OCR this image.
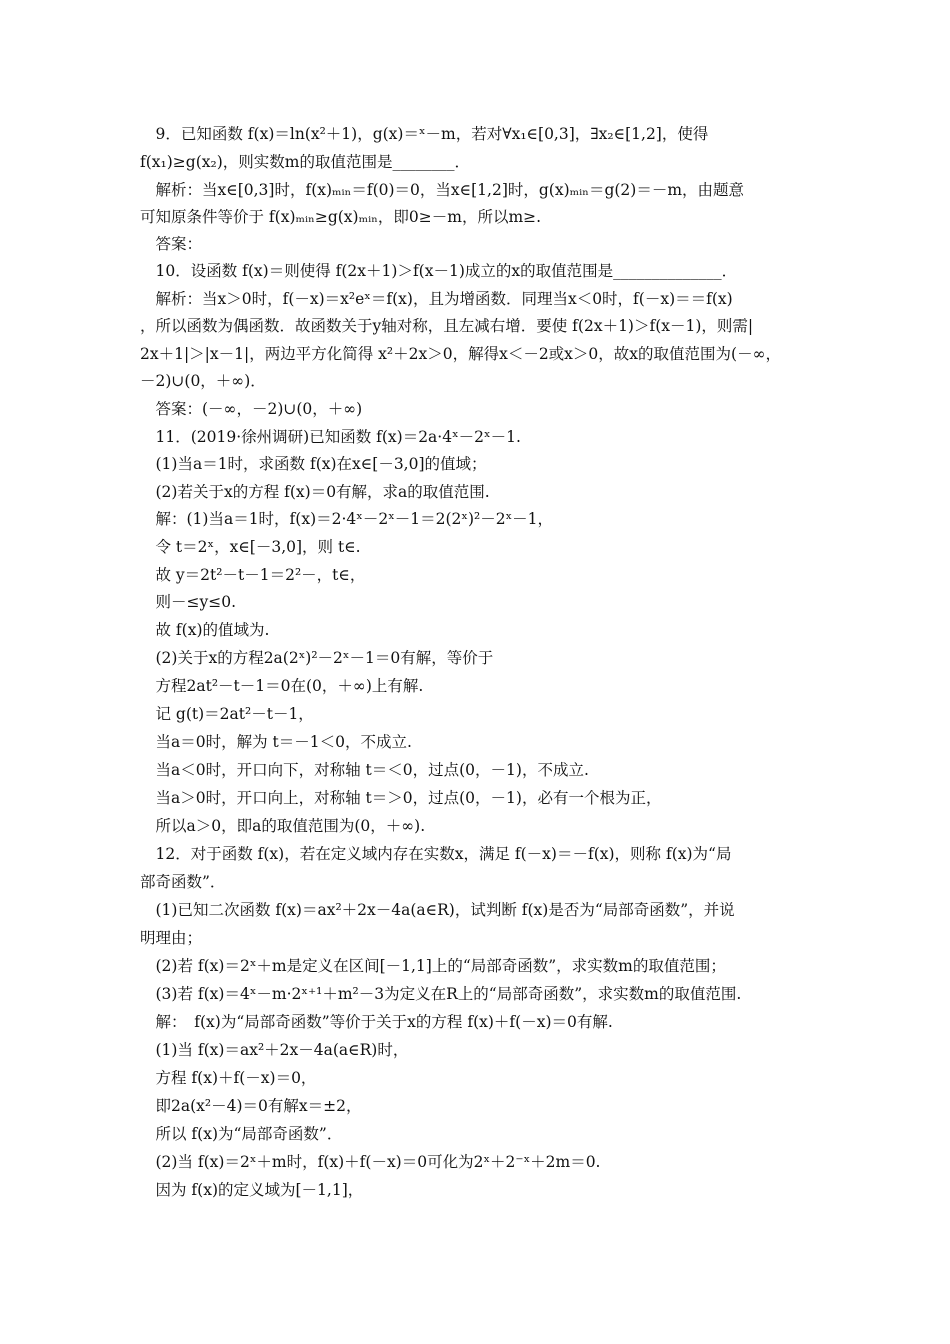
　9．已知函数 f(x)＝ln(x²＋1)，g(x)＝ˣ－m，若对∀x₁∈[0,3]，∃x₂∈[1,2]，使得
f(x₁)≥g(x₂)，则实数m的取值范围是________．
　解析：当x∈[0,3]时，f(x)ₘᵢₙ＝f(0)＝0，当x∈[1,2]时，g(x)ₘᵢₙ＝g(2)＝－m，由题意
可知原条件等价于 f(x)ₘᵢₙ≥g(x)ₘᵢₙ，即0≥－m，所以m≥.
　答案：
　10．设函数 f(x)＝则使得 f(2x＋1)＞f(x－1)成立的x的取值范围是______________．
　解析：当x＞0时，f(－x)＝x²eˣ＝f(x)，且为增函数．同理当x＜0时，f(－x)＝＝f(x)
，所以函数为偶函数．故函数关于y轴对称，且左减右增．要使 f(2x＋1)＞f(x－1)，则需|
2x＋1|＞|x－1|，两边平方化简得 x²＋2x＞0，解得x＜－2或x＞0，故x的取值范围为(－∞，
－2)∪(0，＋∞)．
　答案：(－∞，－2)∪(0，＋∞)
　11．(2019·徐州调研)已知函数 f(x)＝2a·4ˣ－2ˣ－1.
　(1)当a＝1时，求函数 f(x)在x∈[－3,0]的值域；
　(2)若关于x的方程 f(x)＝0有解，求a的取值范围.
　解：(1)当a＝1时，f(x)＝2·4ˣ－2ˣ－1＝2(2ˣ)²－2ˣ－1，
　令 t＝2ˣ，x∈[－3,0]，则 t∈.
　故 y＝2t²－t－1＝2²－，t∈，
　则－≤y≤0.
　故 f(x)的值域为.
　(2)关于x的方程2a(2ˣ)²－2ˣ－1＝0有解，等价于
　方程2at²－t－1＝0在(0，＋∞)上有解.
　记 g(t)＝2at²－t－1，
　当a＝0时，解为 t＝－1＜0，不成立.
　当a＜0时，开口向下，对称轴 t＝＜0，过点(0，－1)，不成立.
　当a＞0时，开口向上，对称轴 t＝＞0，过点(0，－1)，必有一个根为正，
　所以a＞0，即a的取值范围为(0，＋∞).
　12．对于函数 f(x)，若在定义域内存在实数x，满足 f(－x)＝－f(x)，则称 f(x)为“局
部奇函数”．
　(1)已知二次函数 f(x)＝ax²＋2x－4a(a∈R)，试判断 f(x)是否为“局部奇函数”，并说
明理由；
　(2)若 f(x)＝2ˣ＋m是定义在区间[－1,1]上的“局部奇函数”，求实数m的取值范围；
　(3)若 f(x)＝4ˣ－m·2ˣ⁺¹＋m²－3为定义在R上的“局部奇函数”，求实数m的取值范围.
　解：　f(x)为“局部奇函数”等价于关于x的方程 f(x)＋f(－x)＝0有解.
　(1)当 f(x)＝ax²＋2x－4a(a∈R)时，
　方程 f(x)＋f(－x)＝0，
　即2a(x²－4)＝0有解x＝±2，
　所以 f(x)为“局部奇函数”．
　(2)当 f(x)＝2ˣ＋m时，f(x)＋f(－x)＝0可化为2ˣ＋2⁻ˣ＋2m＝0.
　因为 f(x)的定义域为[－1,1]，
